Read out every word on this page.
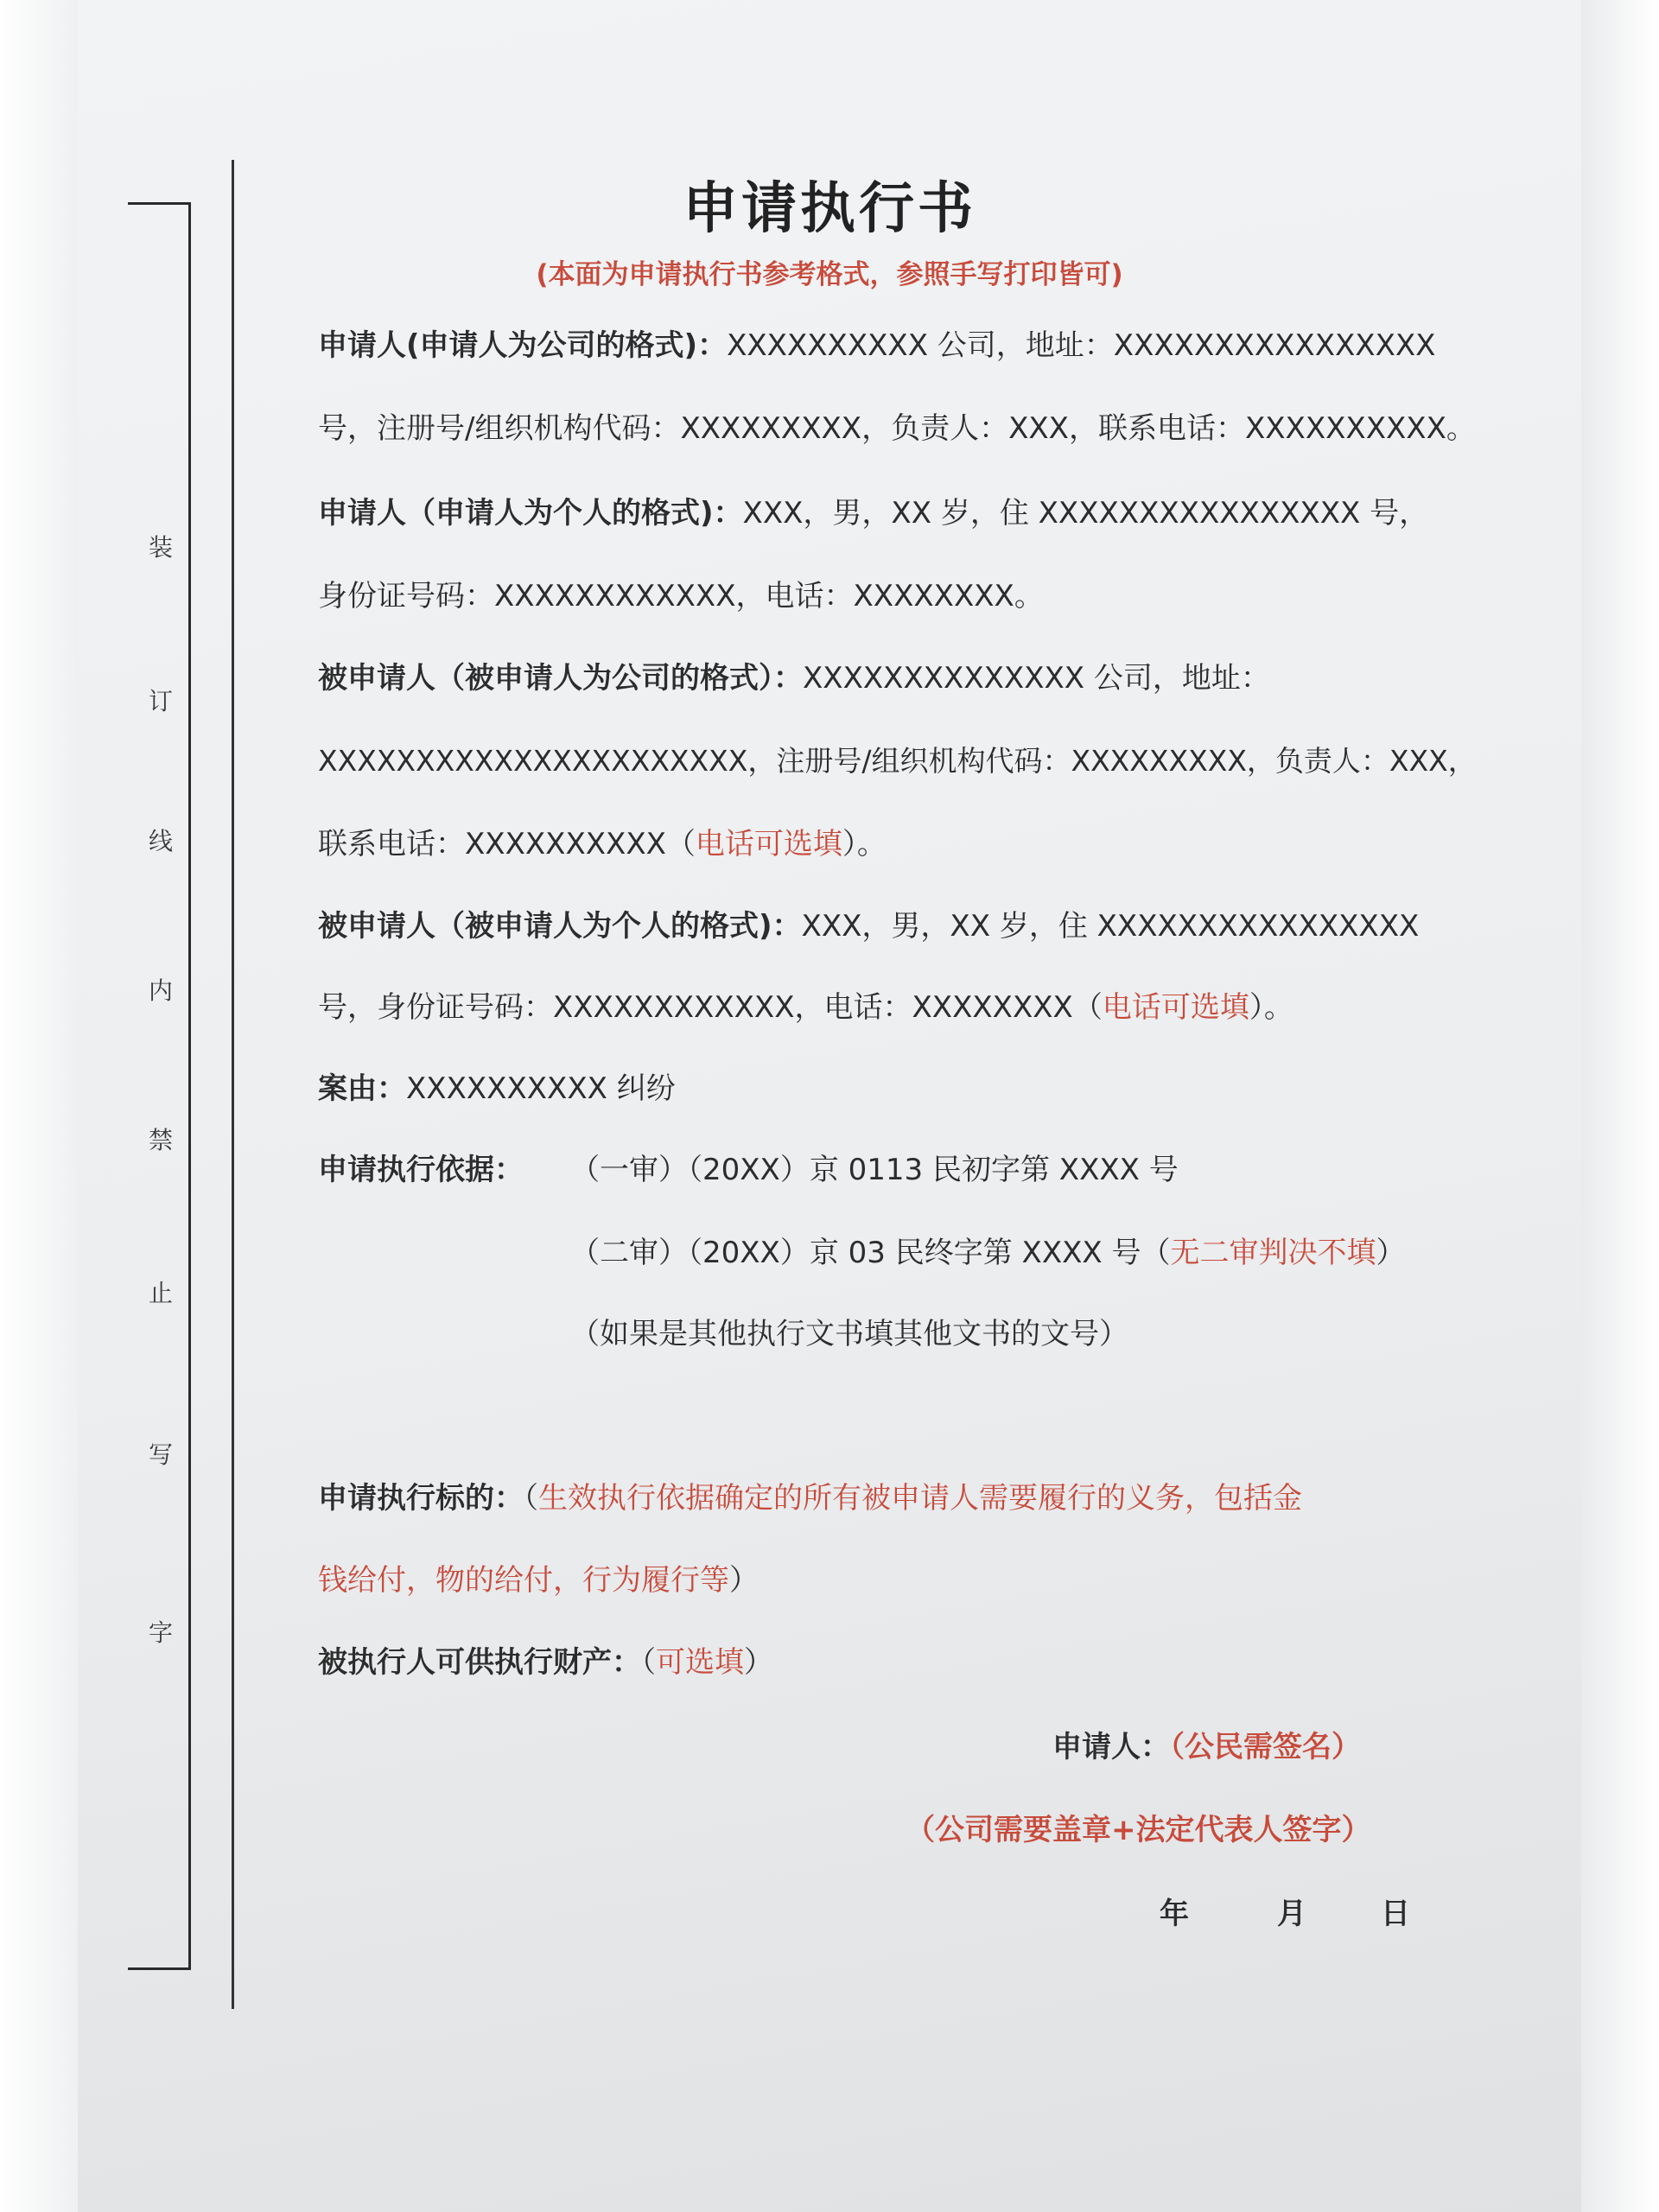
装
订
线
内
禁
止
写
字
申请执行书
(本面为申请执行书参考格式，参照手写打印皆可)
申请人(申请人为公司的格式)：XXXXXXXXXX 公司，地址：XXXXXXXXXXXXXXXX
号，注册号/组织机构代码：XXXXXXXXX，负责人：XXX，联系电话：XXXXXXXXXX。
申请人（申请人为个人的格式)：XXX，男，XX 岁，住 XXXXXXXXXXXXXXXX 号，
身份证号码：XXXXXXXXXXXX，电话：XXXXXXXX。
被申请人（被申请人为公司的格式）：XXXXXXXXXXXXXX 公司，地址：
XXXXXXXXXXXXXXXXXXXXXX，注册号/组织机构代码：XXXXXXXXX，负责人：XXX，
联系电话：XXXXXXXXXX（电话可选填）。
被申请人（被申请人为个人的格式)：XXX，男，XX 岁，住 XXXXXXXXXXXXXXXX
号，身份证号码：XXXXXXXXXXXX，电话：XXXXXXXX（电话可选填）。
案由：XXXXXXXXXX 纠纷
申请执行依据： （一审）（20XX）京 0113 民初字第 XXXX 号
（二审）（20XX）京 03 民终字第 XXXX 号（无二审判决不填）
（如果是其他执行文书填其他文书的文号）
申请执行标的：（生效执行依据确定的所有被申请人需要履行的义务，包括金
钱给付，物的给付，行为履行等）
被执行人可供执行财产：（可选填）
申请人：（公民需签名）
（公司需要盖章+法定代表人签字）
年	月	日
